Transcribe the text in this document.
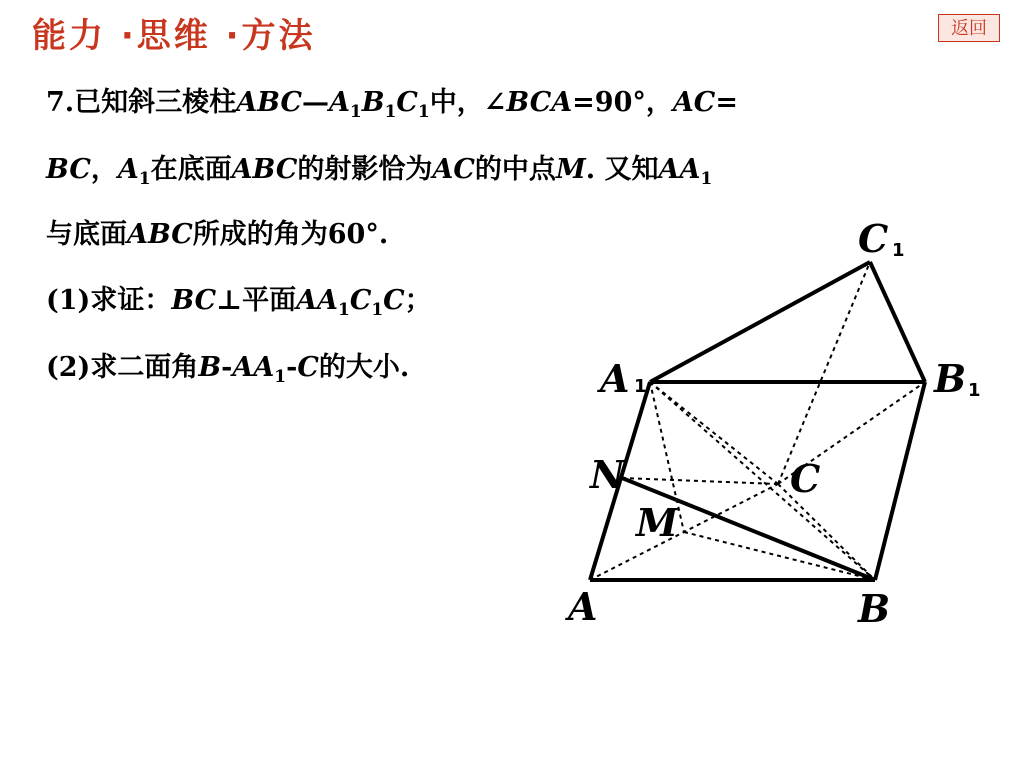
能力 ·思维 ·方法	返回
7.已知斜三棱柱$ABC—A_1B_1C_1$中，∠BCA=90°，AC=
BC，$A_1$在底面ABC的射影恰为AC的中点M. 又知$AA_1$
与底面ABC所成的角为60°.
(1)求证：BC⊥平面$AA_1C_1C$；
(2)求二面角$B-AA_1-C$的大小.
A	B
C
M
N
A 1	B 1
C 1
